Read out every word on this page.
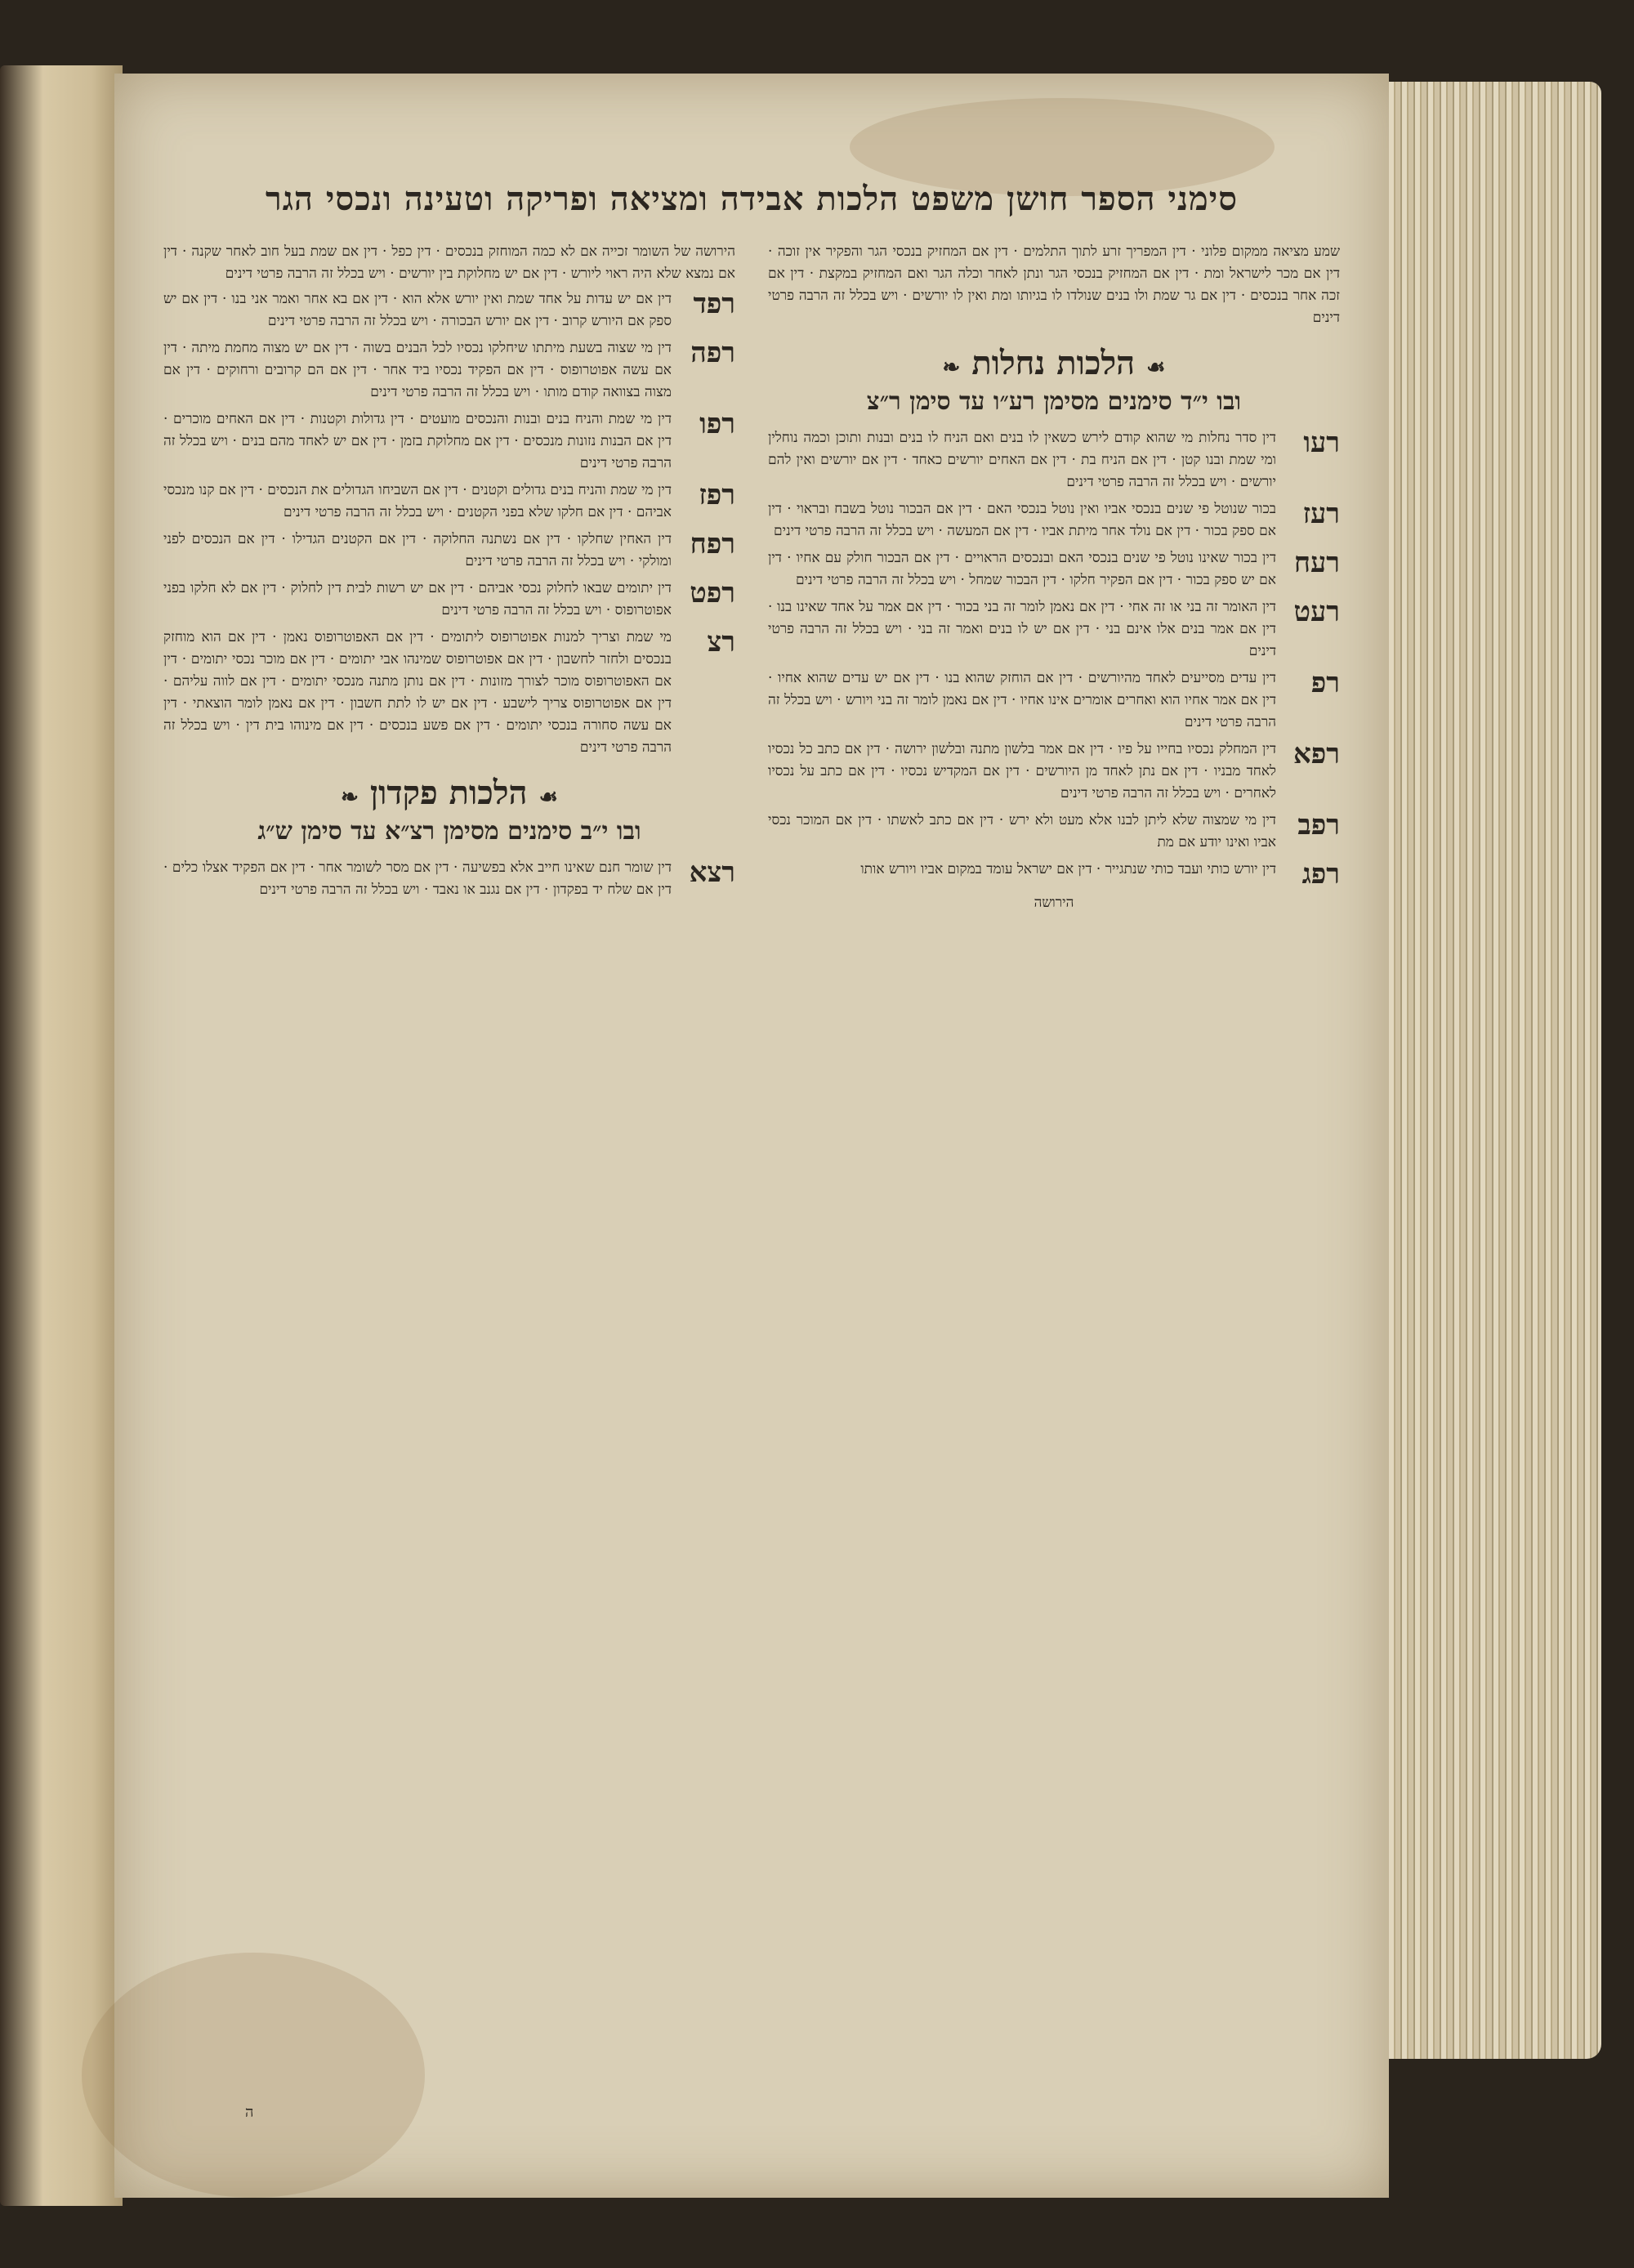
סימני הספר חושן משפט הלכות אבידה ומציאה ופריקה וטעינה ונכסי הגר

שמע מציאה ממקום פלוני · דין המפריך זרע לתוך התלמים · דין אם המחזיק בנכסי הגר והפקיר אין זוכה · דין אם מכר לישראל ומת · דין אם המחזיק בנכסי הגר ונתן לאחר וכלה הגר ואם המחזיק במקצת · דין אם זכה אחר בנכסים · דין אם גר שמת ולו בנים שנולדו לו בגיותו ומת ואין לו יורשים · ויש בכלל זה הרבה פרטי דינים

☙הלכות נחלות❧
ובו י״ד סימנים מסימן רע״ו עד סימן ר״צ
רעו
דין סדר נחלות מי שהוא קודם לירש כשאין לו בנים ואם הניח לו בנים ובנות ותוכן וכמה נוחלין ומי שמת ובנו קטן · דין אם הניח בת · דין אם האחים יורשים כאחד · דין אם יורשים ואין להם יורשים · ויש בכלל זה הרבה פרטי דינים
רעז
בכור שנוטל פי שנים בנכסי אביו ואין נוטל בנכסי האם · דין אם הבכור נוטל בשבח ובראוי · דין אם ספק בכור · דין אם נולד אחר מיתת אביו · דין אם המעשה · ויש בכלל זה הרבה פרטי דינים
רעח
דין בכור שאינו נוטל פי שנים בנכסי האם ובנכסים הראויים · דין אם הבכור חולק עם אחיו · דין אם יש ספק בכור · דין אם הפקיר חלקו · דין הבכור שמחל · ויש בכלל זה הרבה פרטי דינים
רעט
דין האומר זה בני או זה אחי · דין אם נאמן לומר זה בני בכור · דין אם אמר על אחד שאינו בנו · דין אם אמר בנים אלו אינם בני · דין אם יש לו בנים ואמר זה בני · ויש בכלל זה הרבה פרטי דינים
רפ
דין עדים מסייעים לאחד מהיורשים · דין אם הוחזק שהוא בנו · דין אם יש עדים שהוא אחיו · דין אם אמר אחיו הוא ואחרים אומרים אינו אחיו · דין אם נאמן לומר זה בני ויורש · ויש בכלל זה הרבה פרטי דינים
רפא
דין המחלק נכסיו בחייו על פיו · דין אם אמר בלשון מתנה ובלשון ירושה · דין אם כתב כל נכסיו לאחד מבניו · דין אם נתן לאחד מן היורשים · דין אם המקדיש נכסיו · דין אם כתב על נכסיו לאחרים · ויש בכלל זה הרבה פרטי דינים
רפב
דין מי שמצוה שלא ליתן לבנו אלא מעט ולא ירש · דין אם כתב לאשתו · דין אם המוכר נכסי אביו ואינו יודע אם מת
רפג
דין יורש כותי ועבד כותי שנתגייר · דין אם ישראל עומד במקום אביו ויורש אותו
הירושה

הירושה של השומר זכייה אם לא כמה המוחזק בנכסים · דין כפל · דין אם שמת בעל חוב לאחר שקנה · דין אם נמצא שלא היה ראוי ליורש · דין אם יש מחלוקת בין יורשים · ויש בכלל זה הרבה פרטי דינים

רפד
דין אם יש עדות על אחד שמת ואין יורש אלא הוא · דין אם בא אחר ואמר אני בנו · דין אם יש ספק אם היורש קרוב · דין אם יורש הבכורה · ויש בכלל זה הרבה פרטי דינים
רפה
דין מי שצוה בשעת מיתתו שיחלקו נכסיו לכל הבנים בשוה · דין אם יש מצוה מחמת מיתה · דין אם עשה אפוטרופוס · דין אם הפקיד נכסיו ביד אחר · דין אם הם קרובים ורחוקים · דין אם מצוה בצוואה קודם מותו · ויש בכלל זה הרבה פרטי דינים
רפו
דין מי שמת והניח בנים ובנות והנכסים מועטים · דין גדולות וקטנות · דין אם האחים מוכרים · דין אם הבנות נזונות מנכסים · דין אם מחלוקת בזמן · דין אם יש לאחד מהם בנים · ויש בכלל זה הרבה פרטי דינים
רפז
דין מי שמת והניח בנים גדולים וקטנים · דין אם השביחו הגדולים את הנכסים · דין אם קנו מנכסי אביהם · דין אם חלקו שלא בפני הקטנים · ויש בכלל זה הרבה פרטי דינים
רפח
דין האחין שחלקו · דין אם נשתנה החלוקה · דין אם הקטנים הגדילו · דין אם הנכסים לפני ומולקי · ויש בכלל זה הרבה פרטי דינים
רפט
דין יתומים שבאו לחלוק נכסי אביהם · דין אם יש רשות לבית דין לחלוק · דין אם לא חלקו בפני אפוטרופוס · ויש בכלל זה הרבה פרטי דינים
רצ
מי שמת וצריך למנות אפוטרופוס ליתומים · דין אם האפוטרופוס נאמן · דין אם הוא מוחזק בנכסים ולחזר לחשבון · דין אם אפוטרופוס שמינהו אבי יתומים · דין אם מוכר נכסי יתומים · דין אם האפוטרופוס מוכר לצורך מזונות · דין אם נותן מתנה מנכסי יתומים · דין אם לווה עליהם · דין אם אפוטרופוס צריך לישבע · דין אם יש לו לתת חשבון · דין אם נאמן לומר הוצאתי · דין אם עשה סחורה בנכסי יתומים · דין אם פשע בנכסים · דין אם מינוהו בית דין · ויש בכלל זה הרבה פרטי דינים
☙הלכות פקדון❧
ובו י״ב סימנים מסימן רצ״א עד סימן ש״ג
רצא
דין שומר חנם שאינו חייב אלא בפשיעה · דין אם מסר לשומר אחר · דין אם הפקיד אצלו כלים · דין אם שלח יד בפקדון · דין אם נגנב או נאבד · ויש בכלל זה הרבה פרטי דינים
ה
